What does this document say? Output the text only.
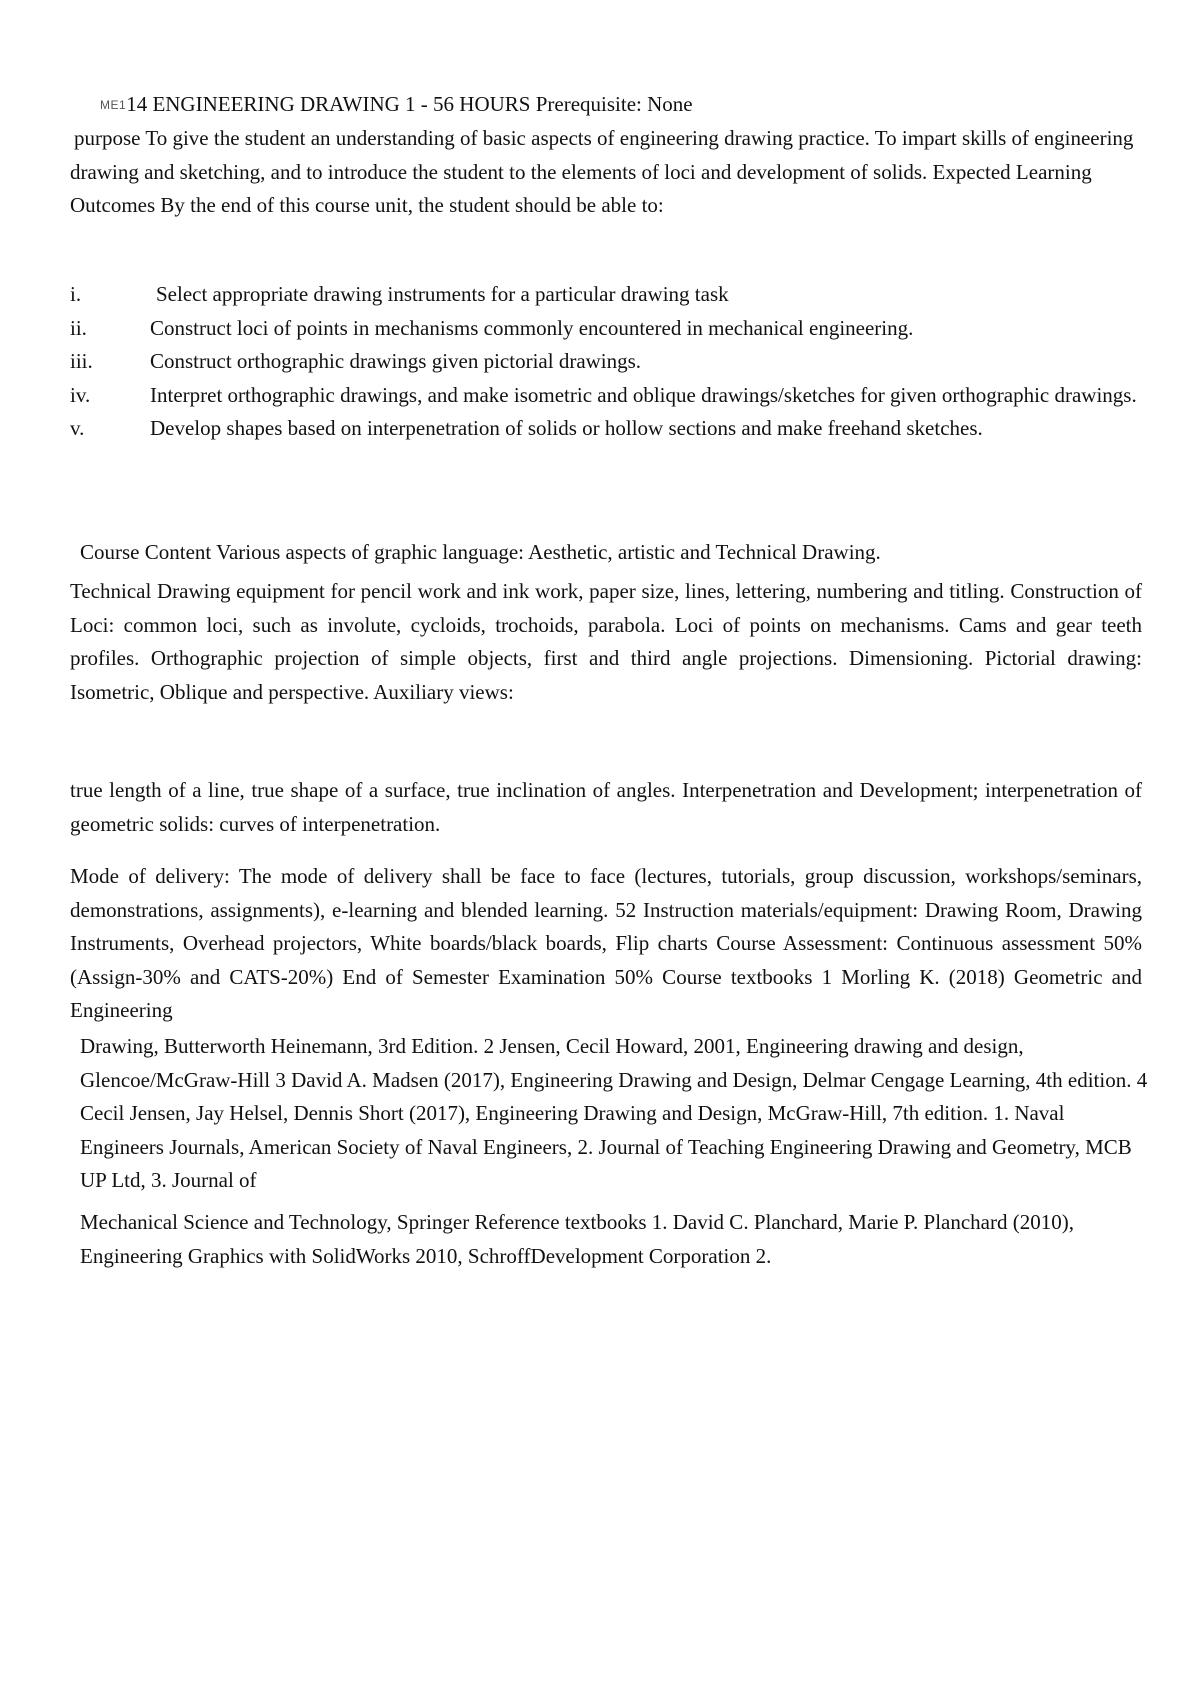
ME114 ENGINEERING DRAWING 1 - 56 HOURS Prerequisite: None

purpose To give the student an understanding of basic aspects of engineering drawing practice. To impart skills of engineering drawing and sketching, and to introduce the student to the elements of loci and development of solids. Expected Learning Outcomes By the end of this course unit, the student should be able to:

i.	Select appropriate drawing instruments for a particular drawing task
ii.	Construct loci of points in mechanisms commonly encountered in mechanical engineering.
iii.	Construct orthographic drawings given pictorial drawings.
iv.	Interpret orthographic drawings, and make isometric and oblique drawings/sketches for given orthographic drawings.
v.	Develop shapes based on interpenetration of solids or hollow sections and make freehand sketches.

Course Content Various aspects of graphic language: Aesthetic, artistic and Technical Drawing.

Technical Drawing equipment for pencil work and ink work, paper size, lines, lettering, numbering and titling. Construction of Loci: common loci, such as involute, cycloids, trochoids, parabola. Loci of points on mechanisms. Cams and gear teeth profiles. Orthographic projection of simple objects, first and third angle projections. Dimensioning. Pictorial drawing: Isometric, Oblique and perspective. Auxiliary views:

true length of a line, true shape of a surface, true inclination of angles. Interpenetration and Development; interpenetration of geometric solids: curves of interpenetration.

Mode of delivery: The mode of delivery shall be face to face (lectures, tutorials, group discussion, workshops/seminars, demonstrations, assignments), e-learning and blended learning. 52 Instruction materials/equipment: Drawing Room, Drawing Instruments, Overhead projectors, White boards/black boards, Flip charts Course Assessment: Continuous assessment 50% (Assign-30% and CATS-20%) End of Semester Examination 50% Course textbooks 1 Morling K. (2018) Geometric and Engineering

Drawing, Butterworth Heinemann, 3rd Edition. 2 Jensen, Cecil Howard, 2001, Engineering drawing and design, Glencoe/McGraw-Hill 3 David A. Madsen (2017), Engineering Drawing and Design, Delmar Cengage Learning, 4th edition. 4 Cecil Jensen, Jay Helsel, Dennis Short (2017), Engineering Drawing and Design, McGraw-Hill, 7th edition. 1. Naval Engineers Journals, American Society of Naval Engineers, 2. Journal of Teaching Engineering Drawing and Geometry, MCB UP Ltd, 3. Journal of

Mechanical Science and Technology, Springer Reference textbooks 1. David C. Planchard, Marie P. Planchard (2010), Engineering Graphics with SolidWorks 2010, SchroffDevelopment Corporation 2.
